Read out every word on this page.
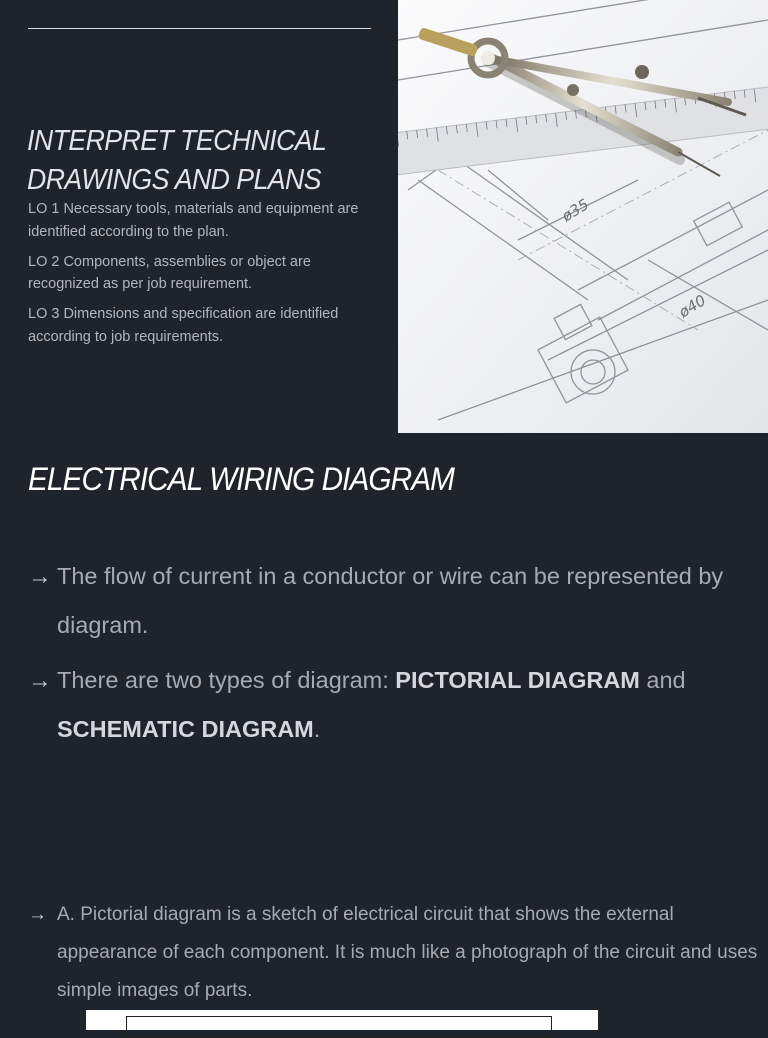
INTERPRET TECHNICAL
DRAWINGS AND PLANS
LO 1 Necessary tools, materials and equipment are identified according to the plan.
LO 2 Components, assemblies or object are recognized as per job requirement.
LO 3 Dimensions and specification are identified according to job requirements.
ø35
ø40
ELECTRICAL WIRING DIAGRAM
→ The flow of current in a conductor or wire can be represented by diagram.
→ There are two types of diagram: PICTORIAL DIAGRAM and SCHEMATIC DIAGRAM.
→ A. Pictorial diagram is a sketch of electrical circuit that shows the external appearance of each component. It is much like a photograph of the circuit and uses simple images of parts.
